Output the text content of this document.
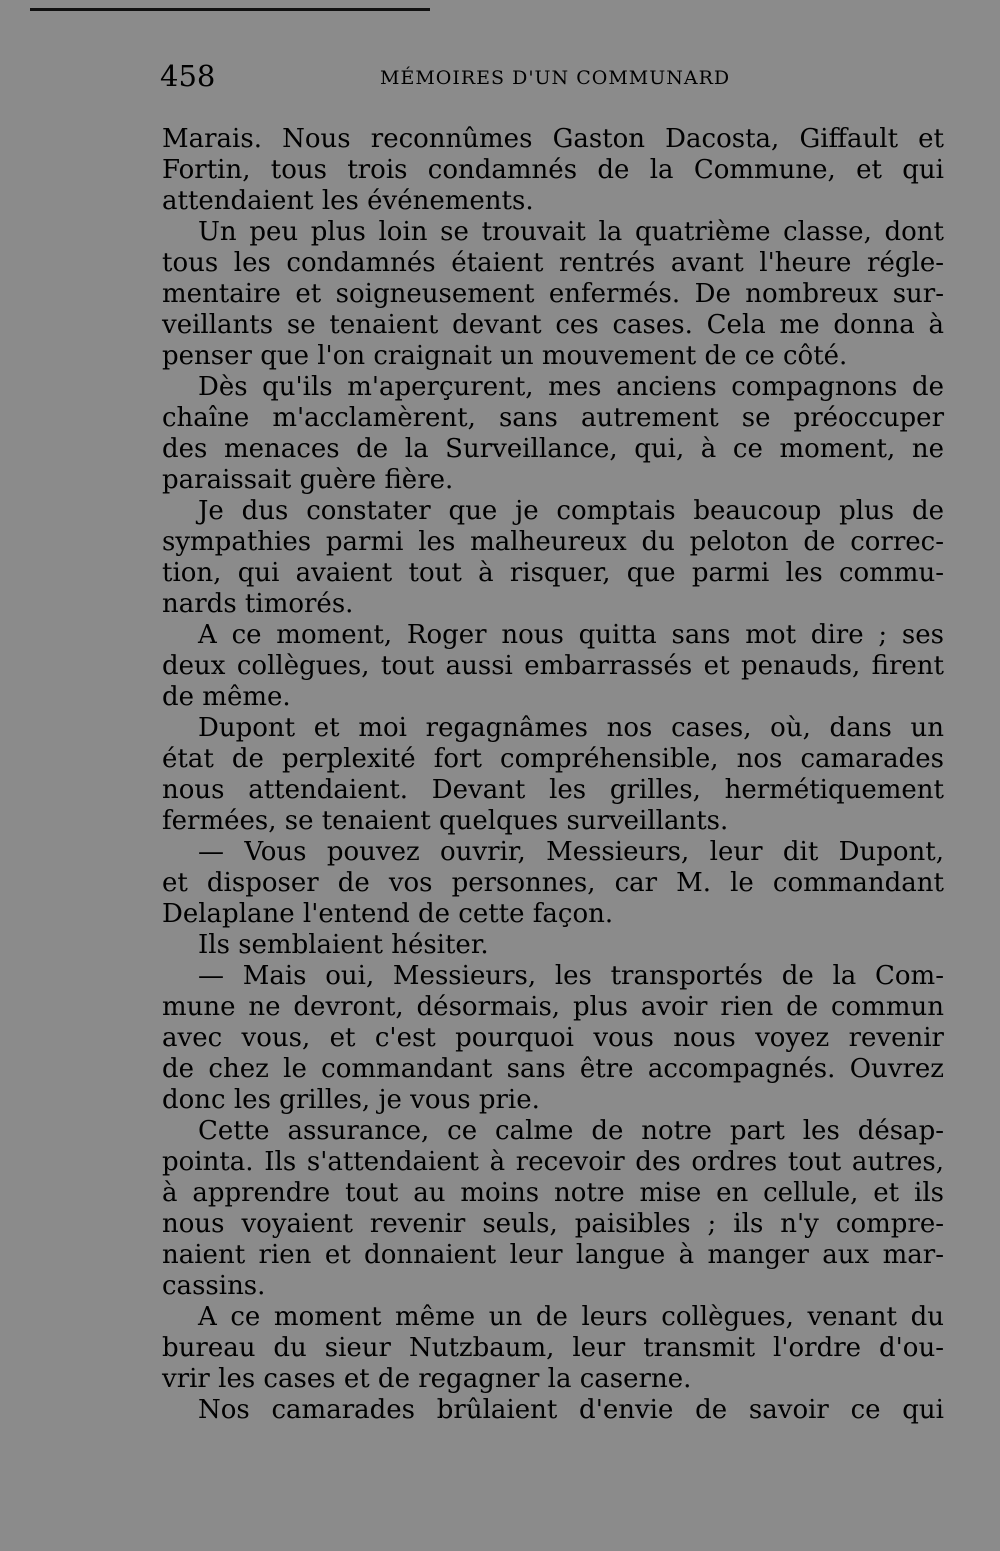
458	MÉMOIRES D'UN COMMUNARD
Marais. Nous reconnûmes Gaston Dacosta, Giffault et
Fortin, tous trois condamnés de la Commune, et qui
attendaient les événements.
Un peu plus loin se trouvait la quatrième classe, dont
tous les condamnés étaient rentrés avant l'heure régle-
mentaire et soigneusement enfermés. De nombreux sur-
veillants se tenaient devant ces cases. Cela me donna à
penser que l'on craignait un mouvement de ce côté.
Dès qu'ils m'aperçurent, mes anciens compagnons de
chaîne m'acclamèrent, sans autrement se préoccuper
des menaces de la Surveillance, qui, à ce moment, ne
paraissait guère fière.
Je dus constater que je comptais beaucoup plus de
sympathies parmi les malheureux du peloton de correc-
tion, qui avaient tout à risquer, que parmi les commu-
nards timorés.
A ce moment, Roger nous quitta sans mot dire ; ses
deux collègues, tout aussi embarrassés et penauds, firent
de même.
Dupont et moi regagnâmes nos cases, où, dans un
état de perplexité fort compréhensible, nos camarades
nous attendaient. Devant les grilles, hermétiquement
fermées, se tenaient quelques surveillants.
— Vous pouvez ouvrir, Messieurs, leur dit Dupont,
et disposer de vos personnes, car M. le commandant
Delaplane l'entend de cette façon.
Ils semblaient hésiter.
— Mais oui, Messieurs, les transportés de la Com-
mune ne devront, désormais, plus avoir rien de commun
avec vous, et c'est pourquoi vous nous voyez revenir
de chez le commandant sans être accompagnés. Ouvrez
donc les grilles, je vous prie.
Cette assurance, ce calme de notre part les désap-
pointa. Ils s'attendaient à recevoir des ordres tout autres,
à apprendre tout au moins notre mise en cellule, et ils
nous voyaient revenir seuls, paisibles ; ils n'y compre-
naient rien et donnaient leur langue à manger aux mar-
cassins.
A ce moment même un de leurs collègues, venant du
bureau du sieur Nutzbaum, leur transmit l'ordre d'ou-
vrir les cases et de regagner la caserne.
Nos camarades brûlaient d'envie de savoir ce qui
